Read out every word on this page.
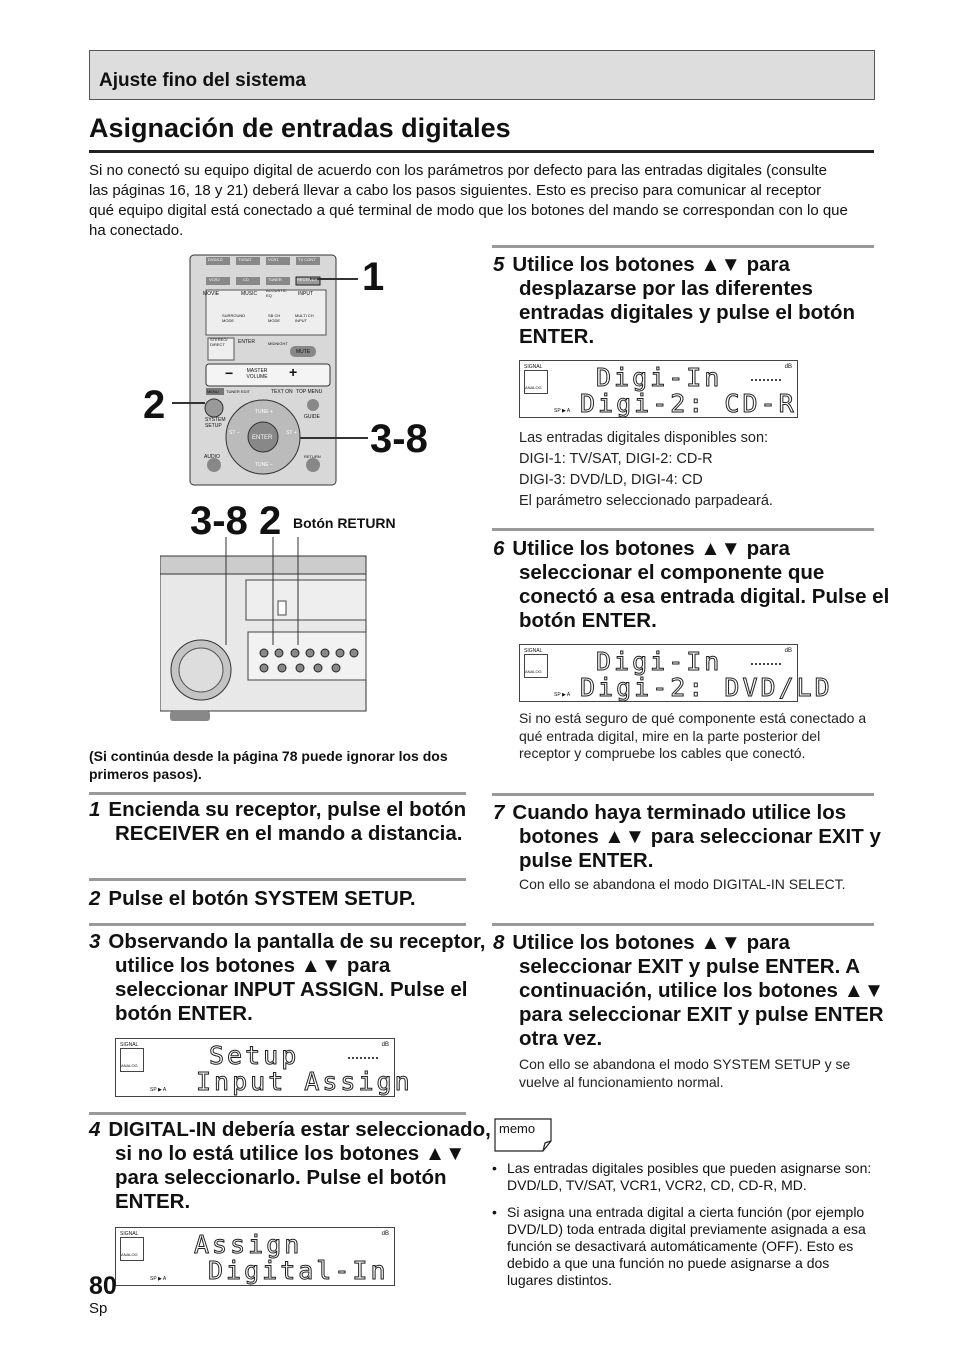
Ajuste fino del sistema
Asignación de entradas digitales
Si no conectó su equipo digital de acuerdo con los parámetros por defecto para las entradas digitales (consulte las páginas 16, 18 y 21) deberá llevar a cabo los pasos siguientes. Esto es preciso para comunicar al receptor qué equipo digital está conectado a qué terminal de modo que los botones del mando se correspondan con lo que ha conectado.
MOVIE	MUSIC
ACOUSTIC EQ	INPUT
SURROUND MODE
SB CH MODE
MULTI CH INPUT
STEREO/ DIRECT	ENTER	MIDNIGHT
MUTE
MASTER VOLUME
−	+
MENU TUNER EDIT	TEXT ON TOP MENU
SYSTEM SETUP
GUIDE
TUNE +
TUNE –
ST –	ST +
ENTER
AUDIO	RETURN
DVD/LD	TV/SAT	VCR1	TV CONT
VCR2	CD	TUNER	RECEIVER 1
2
3-8
3-8 2 Botón RETURN
(Si continúa desde la página 78 puede ignorar los dos primeros pasos).
1 Encienda su receptor, pulse el botón RECEIVER en el mando a distancia.
2 Pulse el botón SYSTEM SETUP.
3 Observando la pantalla de su receptor, utilice los botones ▲▼ para seleccionar INPUT ASSIGN. Pulse el botón ENTER.
SIGNAL
ANALOG
dB
SP ▶ A
Setup
Input Assign
4 DIGITAL-IN debería estar seleccionado, si no lo está utilice los botones ▲▼ para seleccionarlo. Pulse el botón ENTER.
SIGNAL
ANALOG
dB
SP ▶ A
Assign
Digital-In
5 Utilice los botones ▲▼ para desplazarse por las diferentes entradas digitales y pulse el botón ENTER.
SIGNAL
ANALOG
dB
SP ▶ A
Digi-In
Digi-2: CD-R
Las entradas digitales disponibles son:
DIGI-1: TV/SAT, DIGI-2: CD-R
DIGI-3: DVD/LD, DIGI-4: CD
El parámetro seleccionado parpadeará.
6 Utilice los botones ▲▼ para seleccionar el componente que conectó a esa entrada digital. Pulse el botón ENTER.
SIGNAL
ANALOG
dB
SP ▶ A
Digi-In
Digi-2: DVD/LD
Si no está seguro de qué componente está conectado a qué entrada digital, mire en la parte posterior del receptor y compruebe los cables que conectó.
7 Cuando haya terminado utilice los botones ▲▼ para seleccionar EXIT y pulse ENTER.
Con ello se abandona el modo DIGITAL-IN SELECT.
8 Utilice los botones ▲▼ para seleccionar EXIT y pulse ENTER. A continuación, utilice los botones ▲▼ para seleccionar EXIT y pulse ENTER otra vez.
Con ello se abandona el modo SYSTEM SETUP y se vuelve al funcionamiento normal.
memo
• Las entradas digitales posibles que pueden asignarse son: DVD/LD, TV/SAT, VCR1, VCR2, CD, CD-R, MD.
• Si asigna una entrada digital a cierta función (por ejemplo DVD/LD) toda entrada digital previamente asignada a esa función se desactivará automáticamente (OFF). Esto es debido a que una función no puede asignarse a dos lugares distintos.
80
Sp
